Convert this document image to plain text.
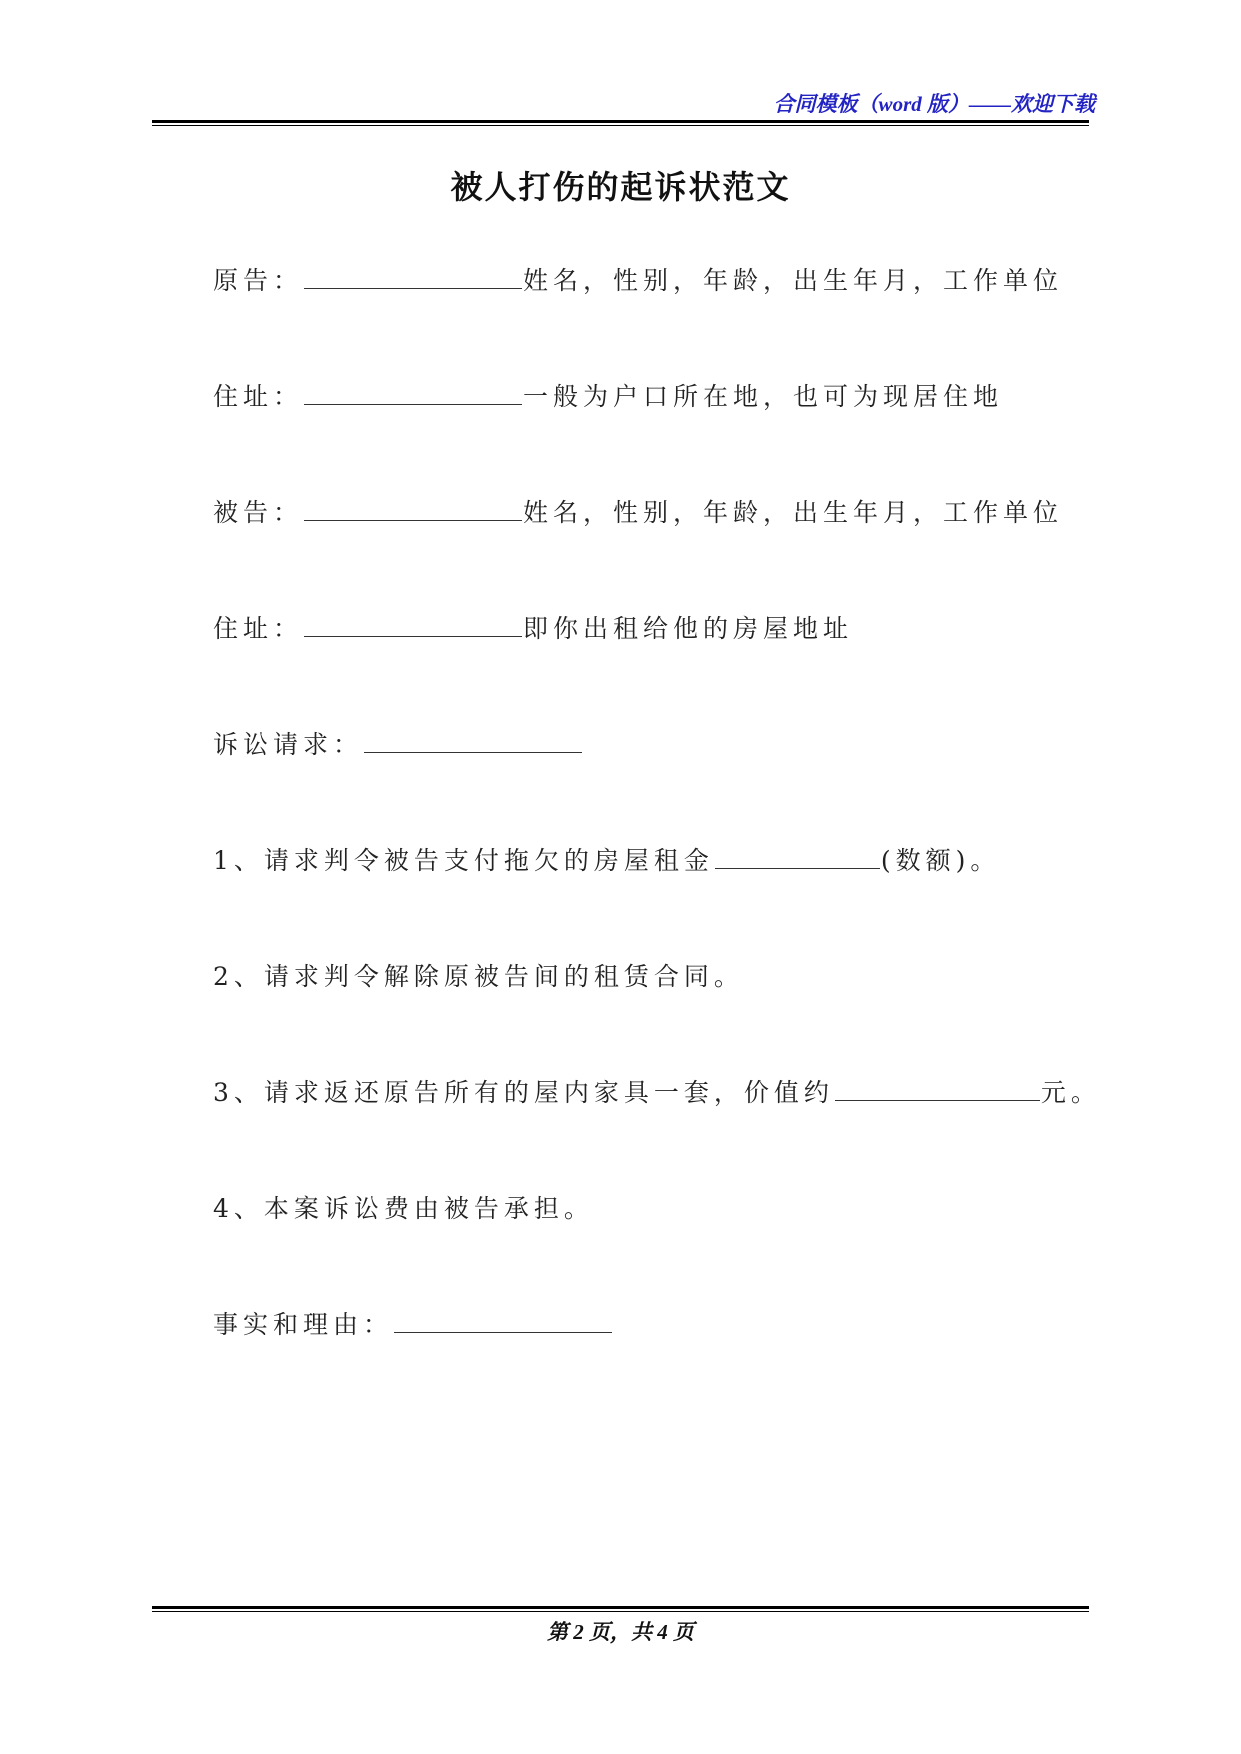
合同模板（word 版）——欢迎下载
被人打伤的起诉状范文
原告：	姓名，性别，年龄，出生年月，工作单位
住址：	一般为户口所在地，也可为现居住地
被告：	姓名，性别，年龄，出生年月，工作单位
住址：	即你出租给他的房屋地址
诉讼请求：
1、请求判令被告支付拖欠的房屋租金	(数额)。
2、请求判令解除原被告间的租赁合同。
3、请求返还原告所有的屋内家具一套，价值约	元。
4、本案诉讼费由被告承担。
事实和理由：
第 2 页，共 4 页
